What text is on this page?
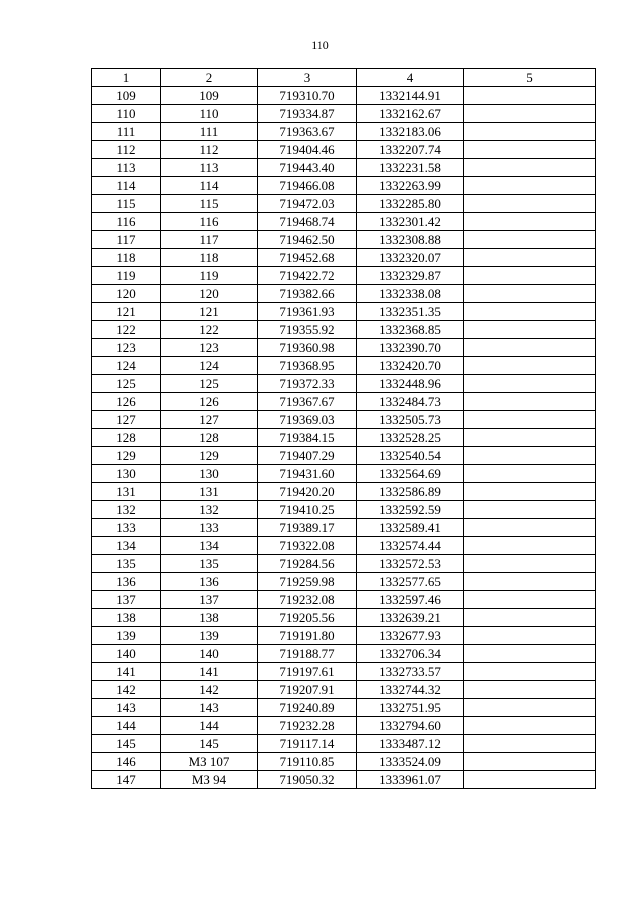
110
1	2	3	4	5
109	109	719310.70	1332144.91	
110	110	719334.87	1332162.67	
111	111	719363.67	1332183.06	
112	112	719404.46	1332207.74	
113	113	719443.40	1332231.58	
114	114	719466.08	1332263.99	
115	115	719472.03	1332285.80	
116	116	719468.74	1332301.42	
117	117	719462.50	1332308.88	
118	118	719452.68	1332320.07	
119	119	719422.72	1332329.87	
120	120	719382.66	1332338.08	
121	121	719361.93	1332351.35	
122	122	719355.92	1332368.85	
123	123	719360.98	1332390.70	
124	124	719368.95	1332420.70	
125	125	719372.33	1332448.96	
126	126	719367.67	1332484.73	
127	127	719369.03	1332505.73	
128	128	719384.15	1332528.25	
129	129	719407.29	1332540.54	
130	130	719431.60	1332564.69	
131	131	719420.20	1332586.89	
132	132	719410.25	1332592.59	
133	133	719389.17	1332589.41	
134	134	719322.08	1332574.44	
135	135	719284.56	1332572.53	
136	136	719259.98	1332577.65	
137	137	719232.08	1332597.46	
138	138	719205.56	1332639.21	
139	139	719191.80	1332677.93	
140	140	719188.77	1332706.34	
141	141	719197.61	1332733.57	
142	142	719207.91	1332744.32	
143	143	719240.89	1332751.95	
144	144	719232.28	1332794.60	
145	145	719117.14	1333487.12	
146	МЗ 107	719110.85	1333524.09	
147	МЗ 94	719050.32	1333961.07	
